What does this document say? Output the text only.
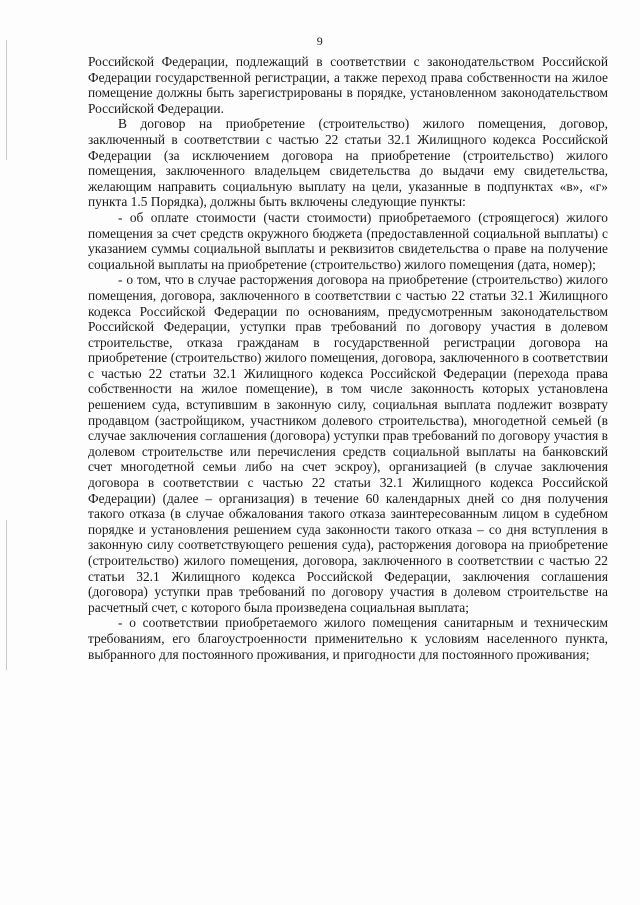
9

Российской Федерации, подлежащий в соответствии с законодательством Российской Федерации государственной регистрации, а также переход права собственности на жилое помещение должны быть зарегистрированы в порядке, установленном законодательством Российской Федерации.

В договор на приобретение (строительство) жилого помещения, договор, заключенный в соответствии с частью 22 статьи 32.1 Жилищного кодекса Российской Федерации (за исключением договора на приобретение (строительство) жилого помещения, заключенного владельцем свидетельства до выдачи ему свидетельства, желающим направить социальную выплату на цели, указанные в подпунктах «в», «г» пункта 1.5 Порядка), должны быть включены следующие пункты:

- об оплате стоимости (части стоимости) приобретаемого (строящегося) жилого помещения за счет средств окружного бюджета (предоставленной социальной выплаты) с указанием суммы социальной выплаты и реквизитов свидетельства о праве на получение социальной выплаты на приобретение (строительство) жилого помещения (дата, номер);

- о том, что в случае расторжения договора на приобретение (строительство) жилого помещения, договора, заключенного в соответствии с частью 22 статьи 32.1 Жилищного кодекса Российской Федерации по основаниям, предусмотренным законодательством Российской Федерации, уступки прав требований по договору участия в долевом строительстве, отказа гражданам в государственной регистрации договора на приобретение (строительство) жилого помещения, договора, заключенного в соответствии с частью 22 статьи 32.1 Жилищного кодекса Российской Федерации (перехода права собственности на жилое помещение), в том числе законность которых установлена решением суда, вступившим в законную силу, социальная выплата подлежит возврату продавцом (застройщиком, участником долевого строительства), многодетной семьей (в случае заключения соглашения (договора) уступки прав требований по договору участия в долевом строительстве или перечисления средств социальной выплаты на банковский счет многодетной семьи либо на счет эскроу), организацией (в случае заключения договора в соответствии с частью 22 статьи 32.1 Жилищного кодекса Российской Федерации) (далее – организация) в течение 60 календарных дней со дня получения такого отказа (в случае обжалования такого отказа заинтересованным лицом в судебном порядке и установления решением суда законности такого отказа – со дня вступления в законную силу соответствующего решения суда), расторжения договора на приобретение (строительство) жилого помещения, договора, заключенного в соответствии с частью 22 статьи 32.1 Жилищного кодекса Российской Федерации, заключения соглашения (договора) уступки прав требований по договору участия в долевом строительстве на расчетный счет, с которого была произведена социальная выплата;

- о соответствии приобретаемого жилого помещения санитарным и техническим требованиям, его благоустроенности применительно к условиям населенного пункта, выбранного для постоянного проживания, и пригодности для постоянного проживания;
